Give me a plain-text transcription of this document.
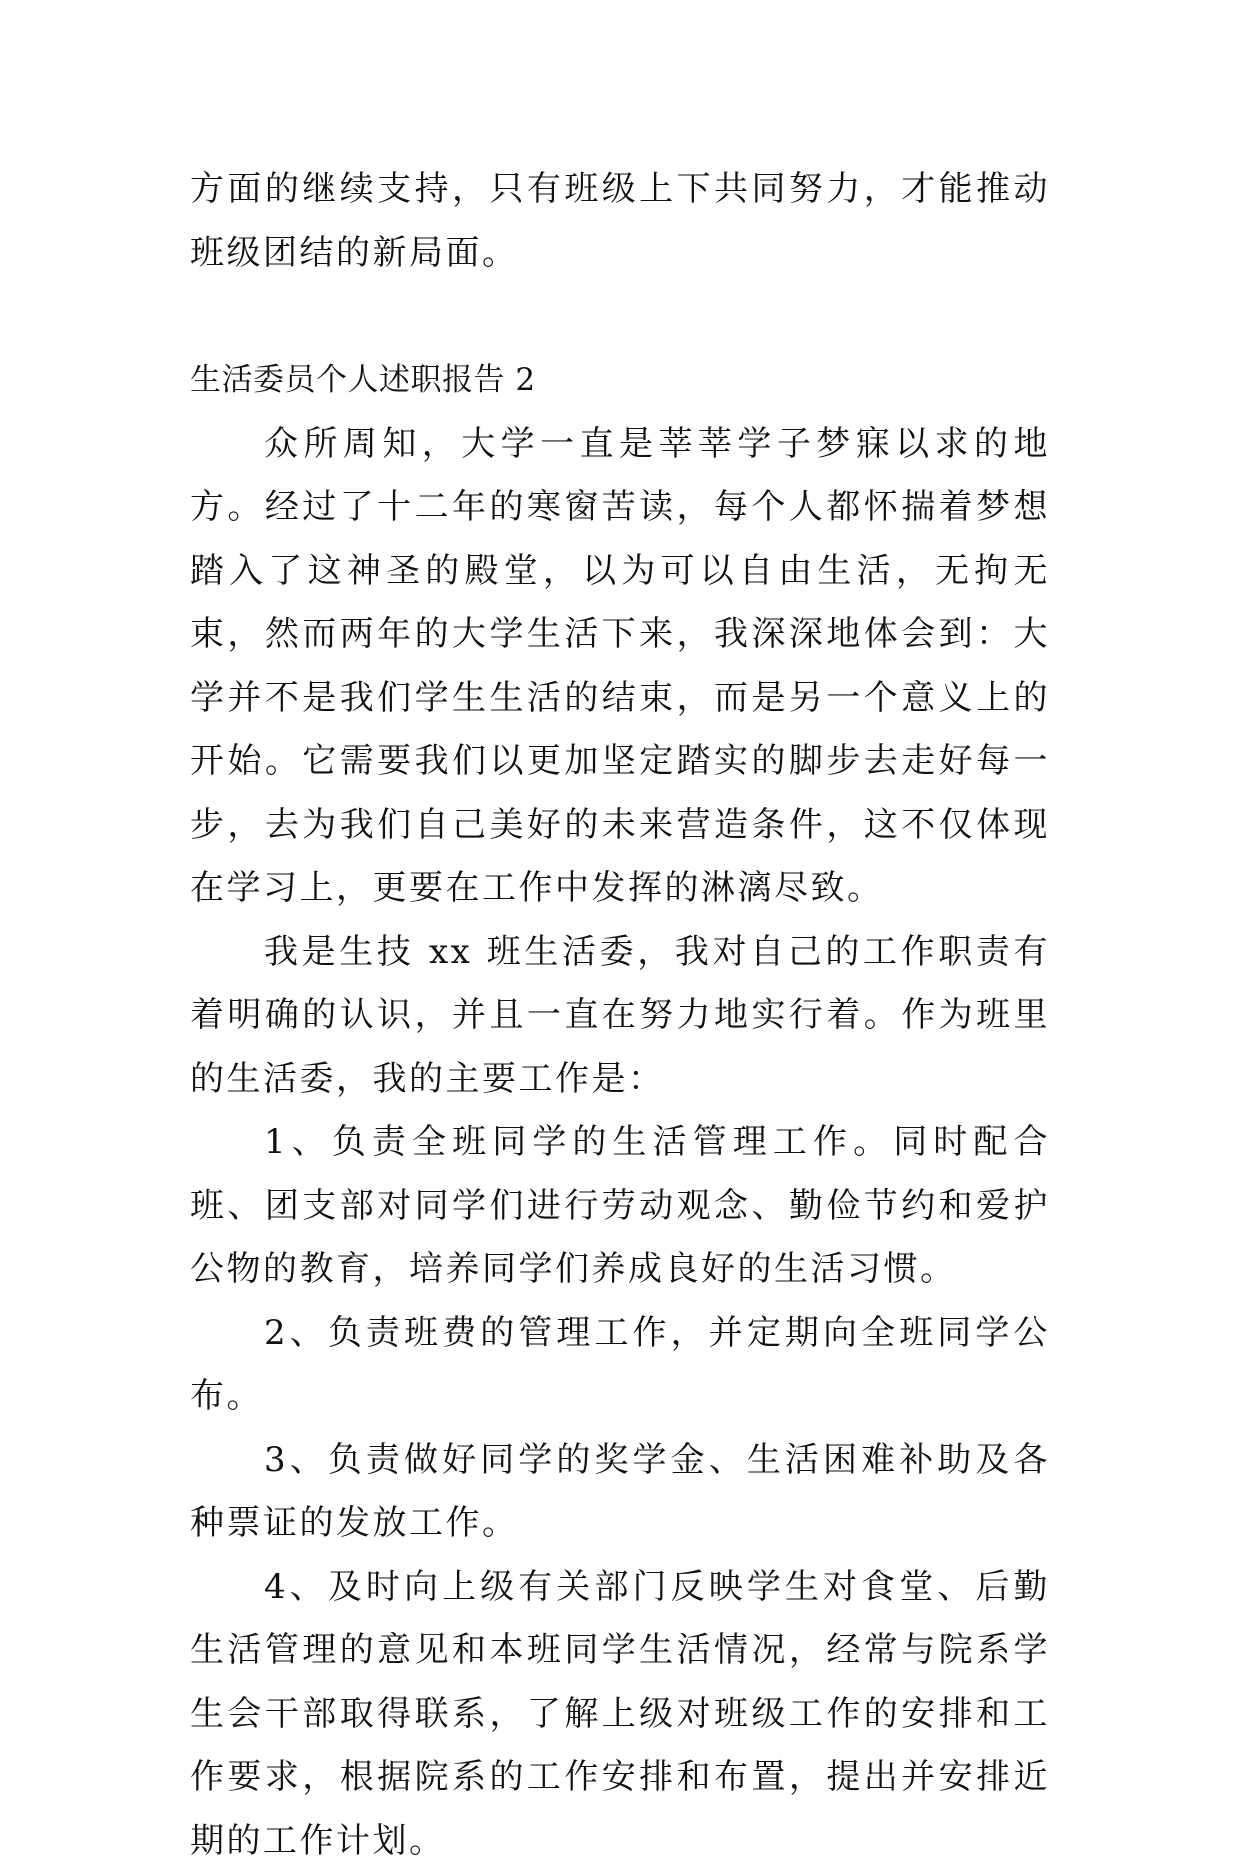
方面的继续支持，只有班级上下共同努力，才能推动班级团结的新局面。

生活委员个人述职报告 2

众所周知，大学一直是莘莘学子梦寐以求的地方。经过了十二年的寒窗苦读，每个人都怀揣着梦想踏入了这神圣的殿堂，以为可以自由生活，无拘无束，然而两年的大学生活下来，我深深地体会到：大学并不是我们学生生活的结束，而是另一个意义上的开始。它需要我们以更加坚定踏实的脚步去走好每一步，去为我们自己美好的未来营造条件，这不仅体现在学习上，更要在工作中发挥的淋漓尽致。

我是生技 xx 班生活委，我对自己的工作职责有着明确的认识，并且一直在努力地实行着。作为班里的生活委，我的主要工作是：

1、负责全班同学的生活管理工作。同时配合班、团支部对同学们进行劳动观念、勤俭节约和爱护公物的教育，培养同学们养成良好的生活习惯。

2、负责班费的管理工作，并定期向全班同学公布。

3、负责做好同学的奖学金、生活困难补助及各种票证的发放工作。

4、及时向上级有关部门反映学生对食堂、后勤生活管理的意见和本班同学生活情况，经常与院系学生会干部取得联系，了解上级对班级工作的安排和工作要求，根据院系的工作安排和布置，提出并安排近期的工作计划。
